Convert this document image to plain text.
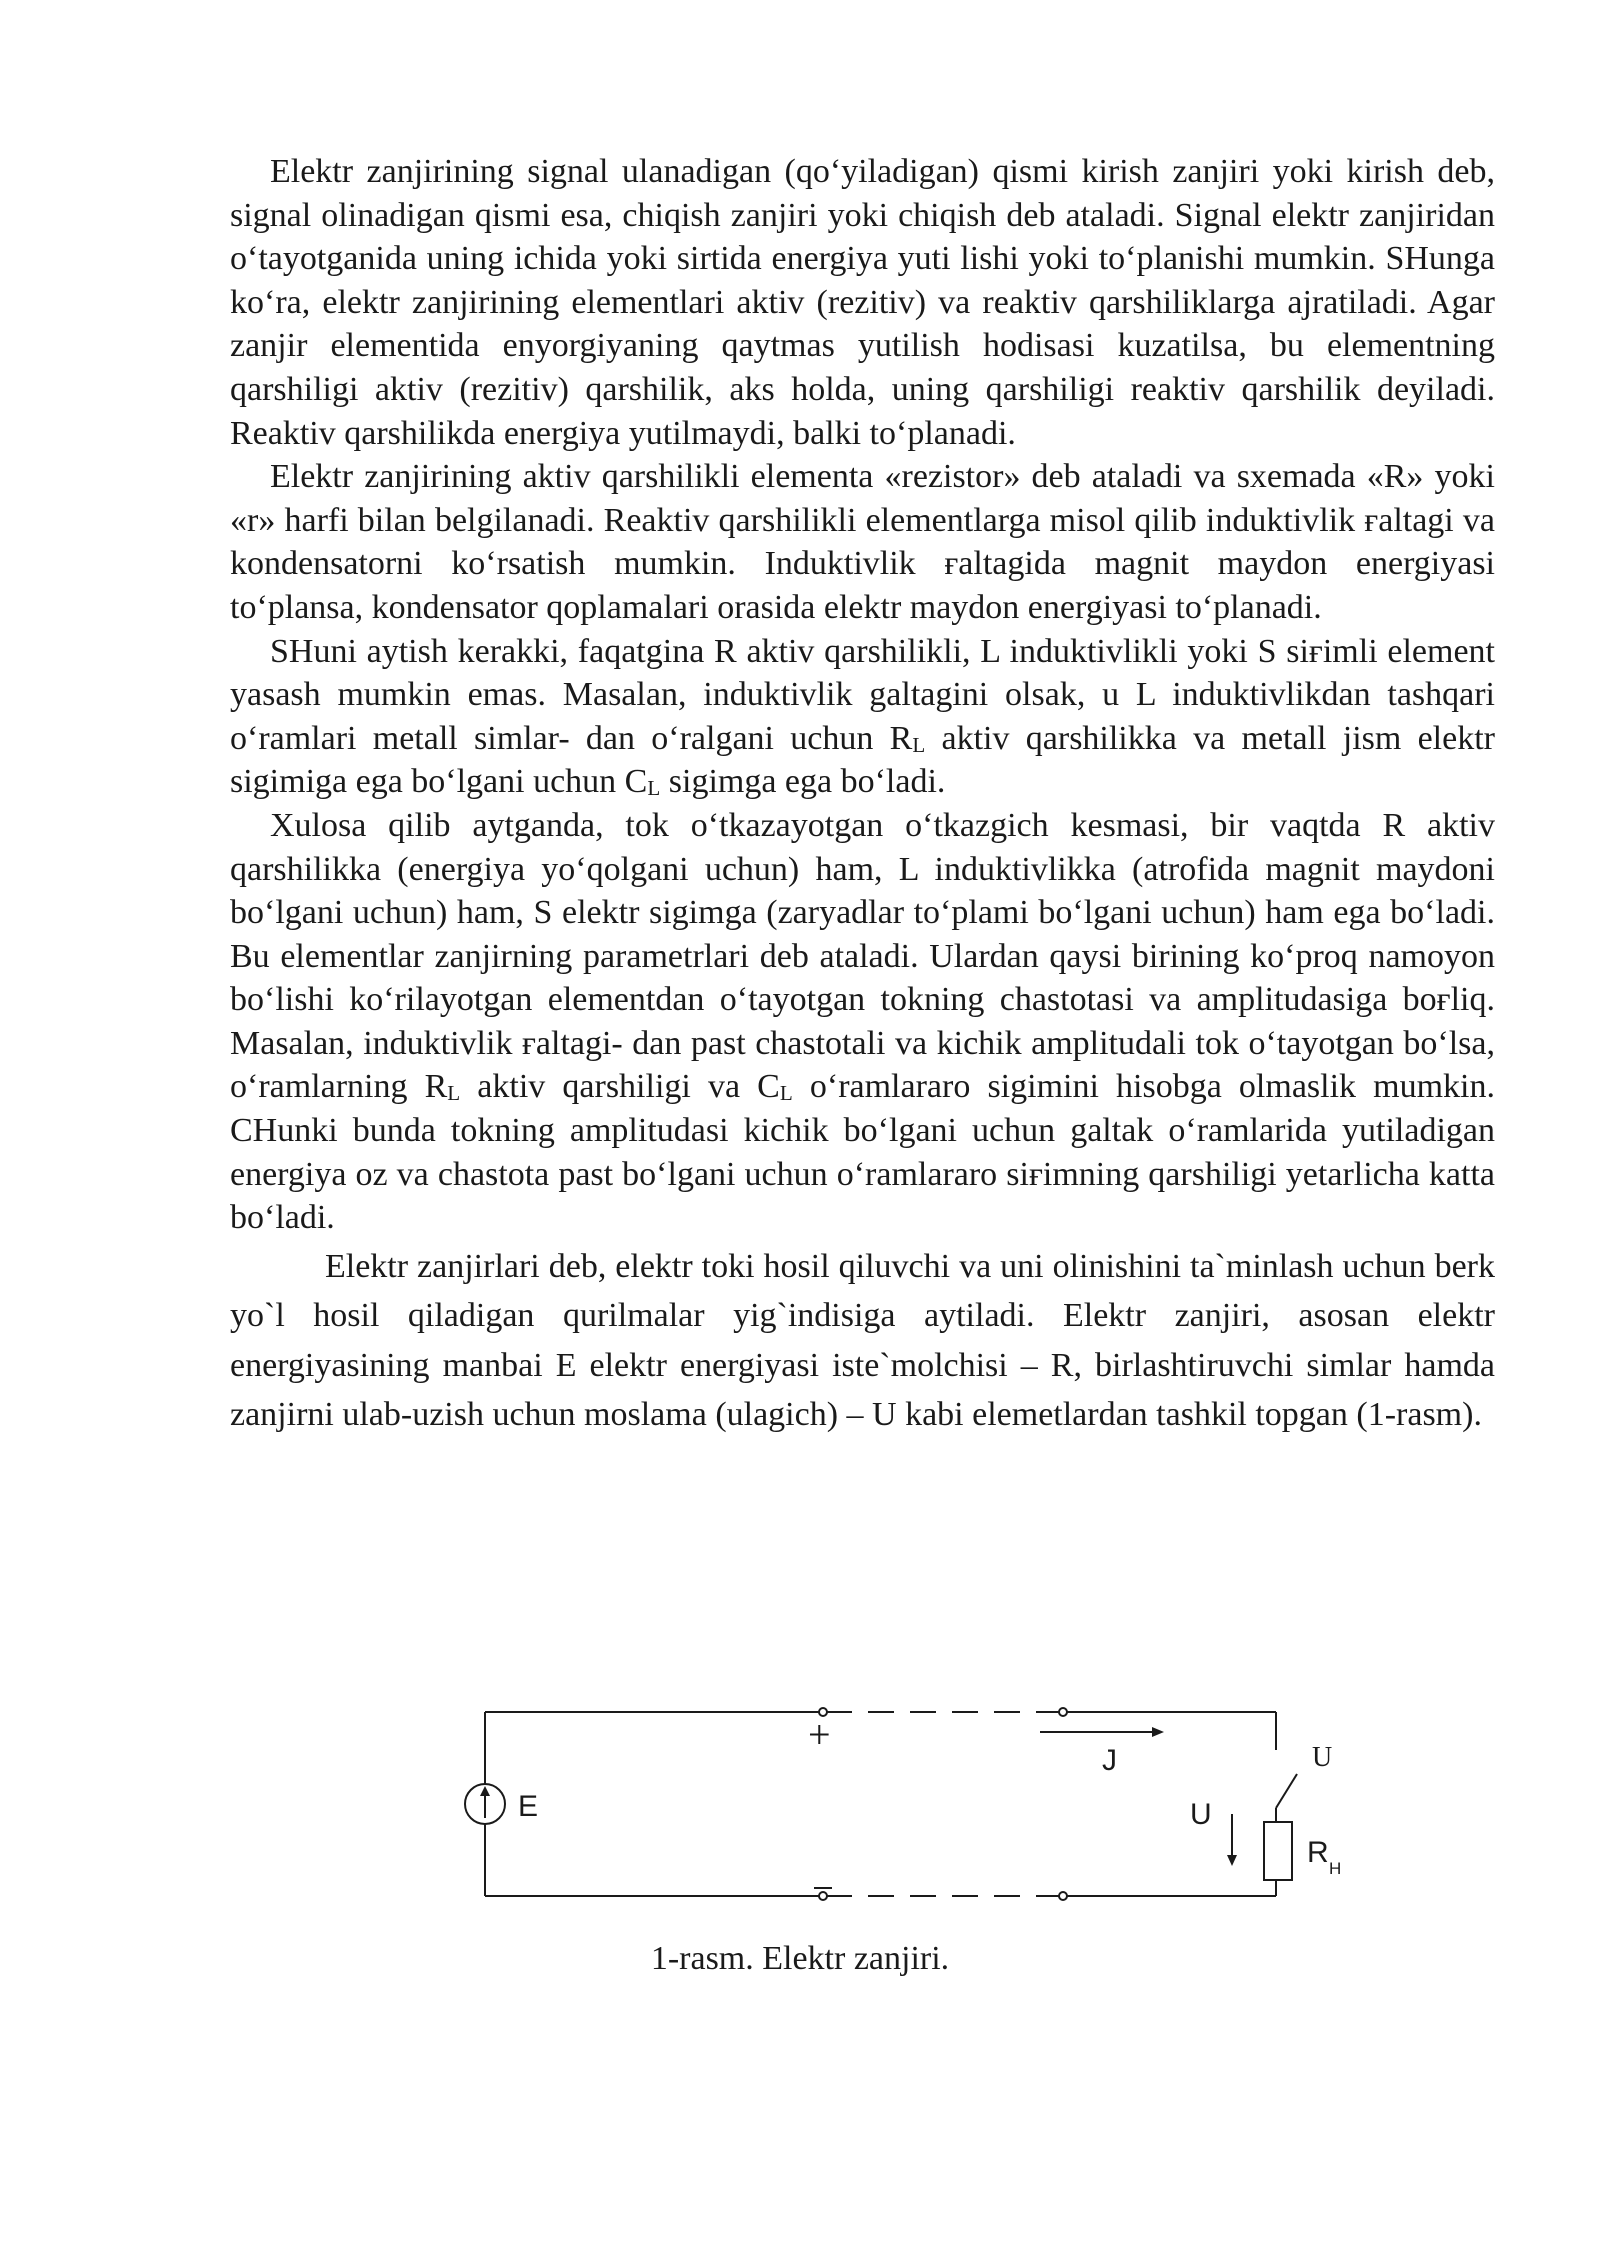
Elektr zanjirining signal ulanadigan (qo‘yiladigan) qismi kirish zanjiri yoki kirish deb, signal olinadigan qismi esa, chiqish zanjiri yoki chiqish deb ataladi. Signal elektr zanjiridan o‘tayotganida uning ichida yoki sirtida energiya yuti lishi yoki to‘planishi mumkin. SHunga ko‘ra, elektr zanjirining elementlari aktiv (rezitiv) va reaktiv qarshiliklarga ajratiladi. Agar zanjir elementida enyorgiyaning qaytmas yutilish hodisasi kuzatilsa, bu elementning qarshiligi aktiv (rezitiv) qarshilik, aks holda, uning qarshiligi reaktiv qarshilik deyiladi. Reaktiv qarshilikda energiya yutilmaydi, balki to‘planadi.

Elektr zanjirining aktiv qarshilikli elementa «rezistor» deb ataladi va sxemada «R» yoki «r» harfi bilan belgilanadi. Reaktiv qarshilikli elementlarga misol qilib induktivlik ғaltagi va kondensatorni ko‘rsatish mumkin. Induktivlik ғaltagida magnit maydon energiyasi to‘plansa, kondensator qoplamalari orasida elektr maydon energiyasi to‘planadi.

SHuni aytish kerakki, faqatgina R aktiv qarshilikli, L induktivlikli yoki S siғimli element yasash mumkin emas. Masalan, induktivlik galtagini olsak, u L induktivlikdan tashqari o‘ramlari metall simlar- dan o‘ralgani uchun $R_L$ aktiv qarshilikka va metall jism elektr sigimiga ega bo‘lgani uchun $C_L$ sigimga ega bo‘ladi.

Xulosa qilib aytganda, tok o‘tkazayotgan o‘tkazgich kesmasi, bir vaqtda R aktiv qarshilikka (energiya yo‘qolgani uchun) ham, L induktivlikka (atrofida magnit maydoni bo‘lgani uchun) ham, S elektr sigimga (zaryadlar to‘plami bo‘lgani uchun) ham ega bo‘ladi. Bu elementlar zanjirning parametrlari deb ataladi. Ulardan qaysi birining ko‘proq namoyon bo‘lishi ko‘rilayotgan elementdan o‘tayotgan tokning chastotasi va amplitudasiga boғliq. Masalan, induktivlik ғaltagi- dan past chastotali va kichik amplitudali tok o‘tayotgan bo‘lsa, o‘ramlarning $R_L$ aktiv qarshiligi va $C_L$ o‘ramlararo sigimini hisobga olmaslik mumkin. CHunki bunda tokning amplitudasi kichik bo‘lgani uchun galtak o‘ramlarida yutiladigan energiya oz va chastota past bo‘lgani uchun o‘ramlararo siғimning qarshiligi yetarlicha katta bo‘ladi.

Elektr zanjirlari deb, elektr toki hosil qiluvchi va uni olinishini ta`minlash uchun berk yo`l hosil qiladigan qurilmalar yig`indisiga aytiladi. Elektr zanjiri, asosan elektr energiyasining manbai E elektr energiyasi iste`molchisi – R, birlashtiruvchi simlar hamda zanjirni ulab-uzish uchun moslama (ulagich) – U kabi elemetlardan tashkil topgan (1-rasm).

+
E
J	U
U
R H
1-rasm. Elektr zanjiri.
